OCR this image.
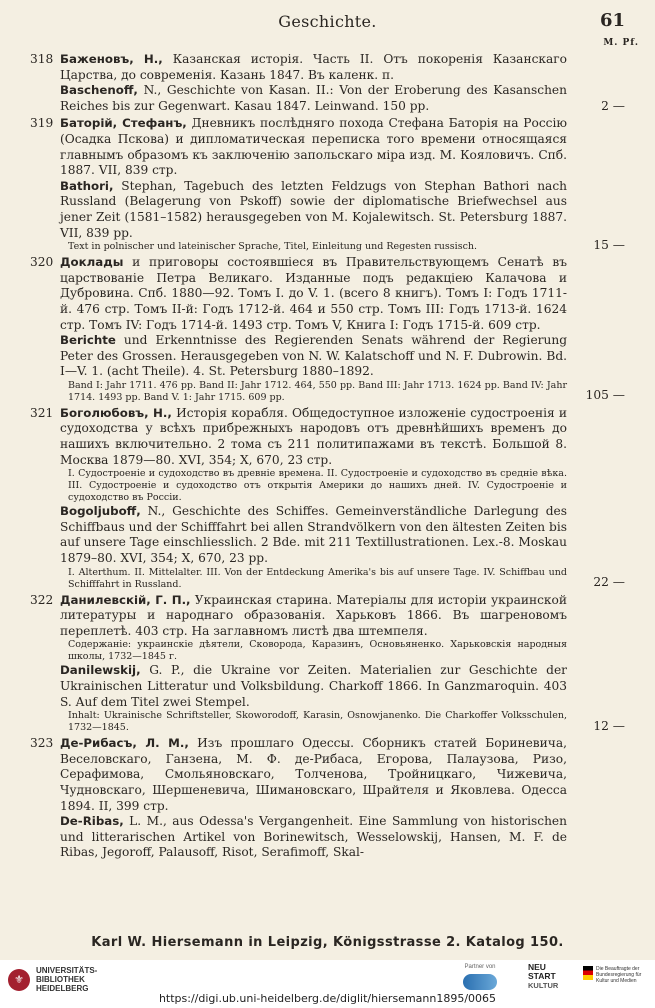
Geschichte.	61
M. Pf.
318 Баженовъ, Н., Казанская исторія. Часть II. Отъ покоренія Казанскаго Царства, до современія. Казань 1847. Въ каленк. п.

Baschenoff, N., Geschichte von Kasan. II.: Von der Eroberung des Kasanschen Reiches bis zur Gegenwart. Kasau 1847. Leinwand. 150 pp.	2 —
319 Баторій, Стефанъ, Дневникъ послѣдняго похода Стефана Баторія на Россію (Осадка Пскова) и дипломатическая переписка того времени относящаяся главнымъ образомъ къ заключенію запольскаго міра изд. М. Кояловичъ. Спб. 1887. VII, 839 стр.

Bathori, Stephan, Tagebuch des letzten Feldzugs von Stephan Bathori nach Russland (Belagerung von Pskoff) sowie der diplomatische Briefwechsel aus jener Zeit (1581–1582) herausgegeben von M. Kojalewitsch. St. Petersburg 1887. VII, 839 pp.

Text in polnischer und lateinischer Sprache, Titel, Einleitung und Regesten russisch.	15 —
320 Доклады и приговоры состоявшіеся въ Правительствующемъ Сенатѣ въ царствованіе Петра Великаго. Изданные подъ редакціею Калачова и Дубровина. Спб. 1880—92. Томъ I. до V. 1. (всего 8 книгъ). Томъ I: Годъ 1711-й. 476 стр. Томъ II-й: Годъ 1712-й. 464 и 550 стр. Томъ III: Годъ 1713-й. 1624 стр. Томъ IV: Годъ 1714-й. 1493 стр. Томъ V, Книга I: Годъ 1715-й. 609 стр.

Berichte und Erkenntnisse des Regierenden Senats während der Regierung Peter des Grossen. Herausgegeben von N. W. Kalatschoff und N. F. Dubrowin. Bd. I—V. 1. (acht Theile). 4. St. Petersburg 1880–1892.

Band I: Jahr 1711. 476 pp. Band II: Jahr 1712. 464, 550 pp. Band III: Jahr 1713. 1624 pp. Band IV: Jahr 1714. 1493 pp. Band V. 1: Jahr 1715. 609 pp.	105 —
321 Боголюбовъ, Н., Исторія корабля. Общедоступное изложеніе судостроенія и судоходства у всѣхъ прибрежныхъ народовъ отъ древнѣйшихъ временъ до нашихъ включительно. 2 тома съ 211 политипажами въ текстѣ. Большой 8. Москва 1879—80. XVI, 354; X, 670, 23 стр.

I. Судостроеніе и судоходство въ древніе времена. II. Судостроеніе и судоходство въ средніе вѣка. III. Судостроеніе и судоходство отъ открытія Америки до нашихъ дней. IV. Судостроеніе и судоходство въ Россіи.

Bogoljuboff, N., Geschichte des Schiffes. Gemeinverständliche Darlegung des Schiffbaus und der Schifffahrt bei allen Strandvölkern von den ältesten Zeiten bis auf unsere Tage einschliesslich. 2 Bde. mit 211 Textillustrationen. Lex.-8. Moskau 1879–80. XVI, 354; X, 670, 23 pp.

I. Alterthum. II. Mittelalter. III. Von der Entdeckung Amerika's bis auf unsere Tage. IV. Schiffbau und Schifffahrt in Russland.	22 —
322 Данилевскій, Г. П., Украинская старина. Матеріалы для исторіи украинской литературы и народнаго образованія. Харьковъ 1866. Въ шагреновомъ переплетѣ. 403 стр. На заглавномъ листѣ два штемпеля.

Содержаніе: украинскіе дѣятели, Сковорода, Каразинъ, Основьяненко. Харьковскія народныя школы, 1732—1845 г.

Danilewskij, G. P., die Ukraine vor Zeiten. Materialien zur Geschichte der Ukrainischen Litteratur und Volksbildung. Charkoff 1866. In Ganzmaroquin. 403 S. Auf dem Titel zwei Stempel.

Inhalt: Ukrainische Schriftsteller, Skoworodoff, Karasin, Osnowjanenko. Die Charkoffer Volksschulen, 1732—1845.	12 —
323 Де-Рибасъ, Л. М., Изъ прошлаго Одессы. Сборникъ статей Бориневича, Веселовскаго, Ганзена, М. Ф. де-Рибаса, Егорова, Палаузова, Ризо, Серафимова, Смольяновскаго, Толченова, Тройницкаго, Чижевича, Чудновскаго, Шершеневича, Шимановскаго, Шрайтеля и Яковлева. Одесса 1894. II, 399 стр.

De-Ribas, L. M., aus Odessa's Vergangenheit. Eine Sammlung von historischen und litterarischen Artikel von Borinewitsch, Wesselowskij, Hansen, M. F. de Ribas, Jegoroff, Palausoff, Risot, Serafimoff, Skal-

Karl W. Hiersemann in Leipzig, Königsstrasse 2. Katalog 150.
⚜
UNIVERSITÄTS-
BIBLIOTHEK
HEIDELBERG
Partner von	NEU
START
KULTUR
Die Beauftragte der Bundesregierung für Kultur und Medien
https://digi.ub.uni-heidelberg.de/diglit/hiersemann1895/0065
